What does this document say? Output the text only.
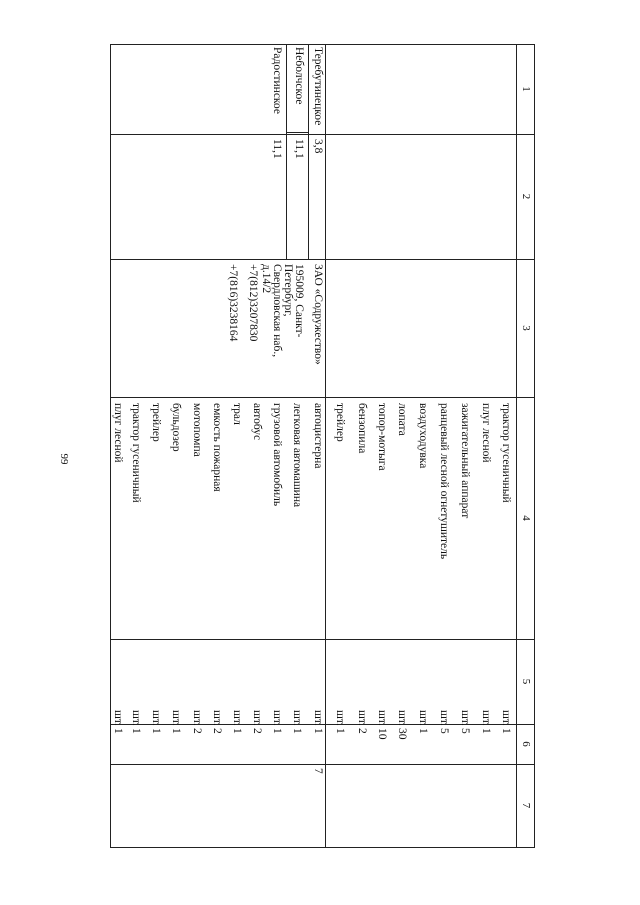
99
1
2
3
4
5
6
7
трактор гусеничный
плуг лесной
зажигательный аппарат
ранцевый лесной огнетушитель
воздуходувка
лопата
топор-мотыга
бензопила
трейлер
шт.
шт.
шт.
шт.
шт.
шт.
шт.
шт.
шт.
1
1
5
5
1
30
10
2
1
Теребутинецкое
3,8
Неболчское
11,1
Радостинское
11,1
ЗАО «Содружество»
195009, Санкт-
Петербург,
Свердловская наб.,
д.14/2
+7(812)3207830
+7(816)3238164
7
автоцистерна
легковая автомашина
грузовой автомобиль
автобус
трал
емкость пожарная
мотопомпа
бульдозер
трейлер
трактор гусеничный
плуг лесной
шт.
шт.
шт.
шт.
шт.
шт.
шт.
шт.
шт.
шт.
шт.
1
1
1
2
1
2
2
1
1
1
1
